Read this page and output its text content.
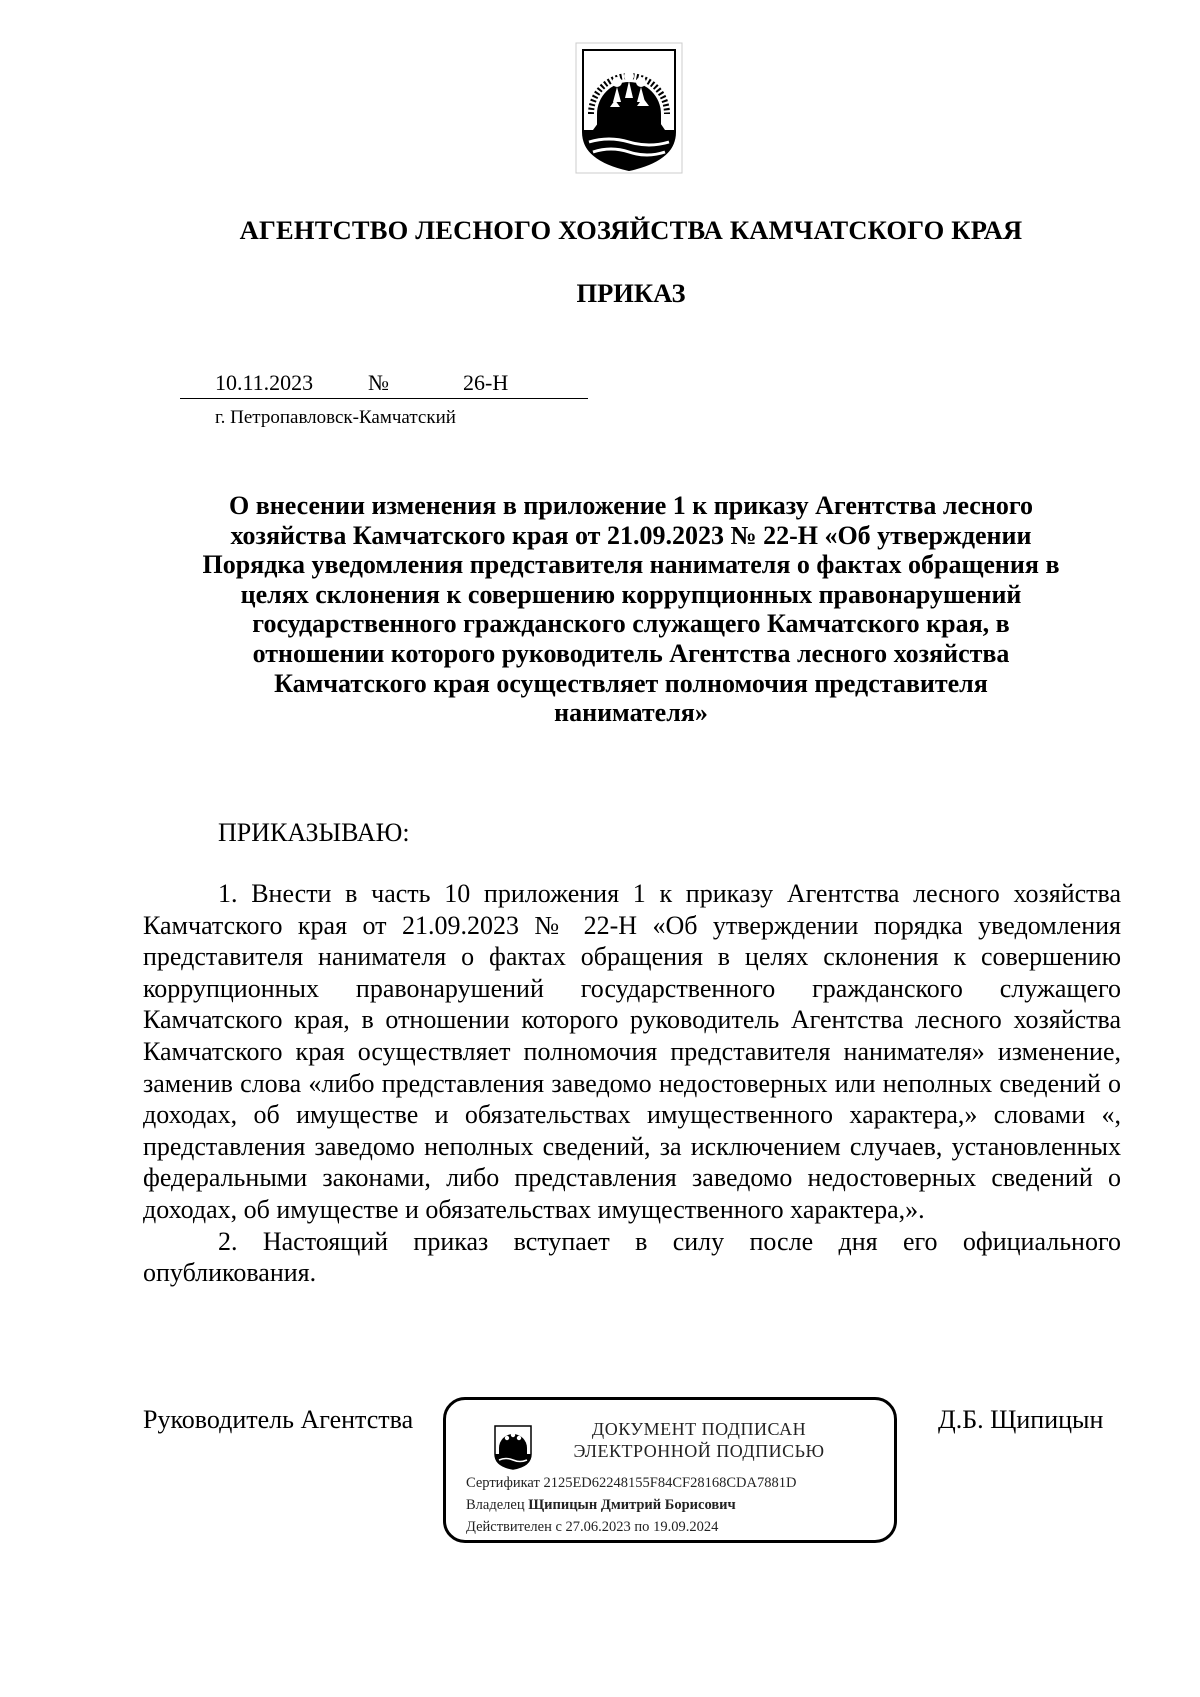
АГЕНТСТВО ЛЕСНОГО ХОЗЯЙСТВА КАМЧАТСКОГО КРАЯ
ПРИКАЗ
10.11.2023 №	26-Н
г. Петропавловск-Камчатский
О внесении изменения в приложение 1 к приказу Агентства лесного
хозяйства Камчатского края от 21.09.2023 № 22-Н «Об утверждении
Порядка уведомления представителя нанимателя о фактах обращения в
целях склонения к совершению коррупционных правонарушений
государственного гражданского служащего Камчатского края, в
отношении которого руководитель Агентства лесного хозяйства
Камчатского края осуществляет полномочия представителя
нанимателя»
ПРИКАЗЫВАЮ:

1. Внести в часть 10 приложения 1 к приказу Агентства лесного хозяйства Камчатского края от 21.09.2023 № 22-Н «Об утверждении порядка уведомления представителя нанимателя о фактах обращения в целях склонения к совершению коррупционных правонарушений государственного гражданского служащего Камчатского края, в отношении которого руководитель Агентства лесного хозяйства Камчатского края осуществляет полномочия представителя нанимателя» изменение, заменив слова «либо представления заведомо недостоверных или неполных сведений о доходах, об имуществе и обязательствах имущественного характера,» словами «, представления заведомо неполных сведений, за исключением случаев, установленных федеральными законами, либо представления заведомо недостоверных сведений о доходах, об имуществе и обязательствах имущественного характера,».

2. Настоящий приказ вступает в силу после дня его официального опубликования.

Руководитель Агентства	Д.Б. Щипицын
ДОКУМЕНТ ПОДПИСАН
ЭЛЕКТРОННОЙ ПОДПИСЬЮ
Сертификат 2125ED62248155F84CF28168CDA7881D
Владелец Щипицын Дмитрий Борисович
Действителен с 27.06.2023 по 19.09.2024
